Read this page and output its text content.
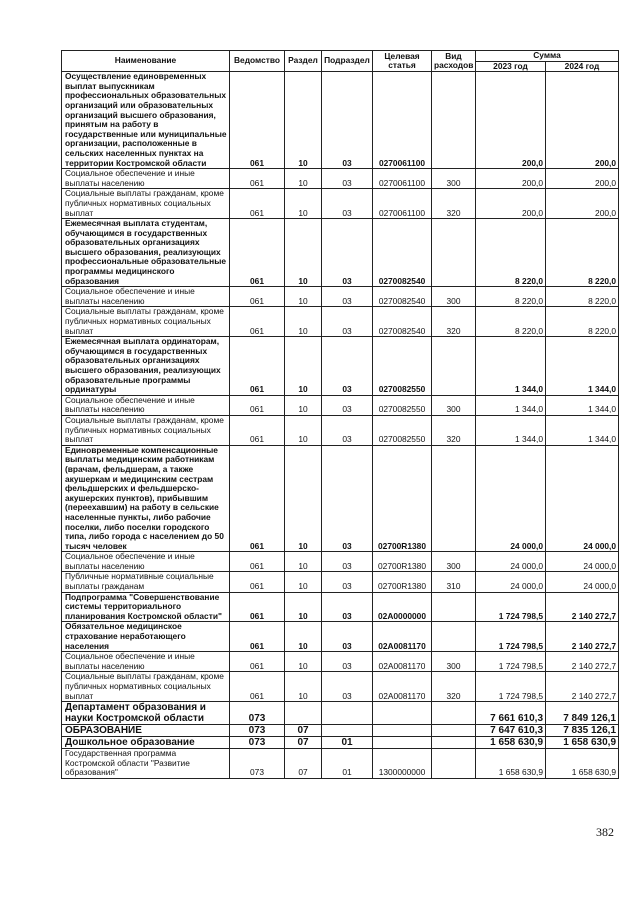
Наименование	Ведомство	Раздел	Подраздел	Целевая статья	Вид расходов	Сумма	
						2023 год	2024 год
Осуществление единовременных выплат выпускникам профессиональных образовательных организаций или образовательных организаций высшего образования, принятым на работу в государственные или муниципальные организации, расположенные в сельских населенных пунктах на территории Костромской области	061	10	03	0270061100		200,0	200,0
Социальное обеспечение и иные выплаты населению	061	10	03	0270061100	300	200,0	200,0
Социальные выплаты гражданам, кроме публичных нормативных социальных выплат	061	10	03	0270061100	320	200,0	200,0
Ежемесячная выплата студентам, обучающимся в государственных образовательных организациях высшего образования, реализующих профессиональные образовательные программы медицинского образования	061	10	03	0270082540		8 220,0	8 220,0
Социальное обеспечение и иные выплаты населению	061	10	03	0270082540	300	8 220,0	8 220,0
Социальные выплаты гражданам, кроме публичных нормативных социальных выплат	061	10	03	0270082540	320	8 220,0	8 220,0
Ежемесячная выплата ординаторам, обучающимся в государственных образовательных организациях высшего образования, реализующих образовательные программы ординатуры	061	10	03	0270082550		1 344,0	1 344,0
Социальное обеспечение и иные выплаты населению	061	10	03	0270082550	300	1 344,0	1 344,0
Социальные выплаты гражданам, кроме публичных нормативных социальных выплат	061	10	03	0270082550	320	1 344,0	1 344,0
Единовременные компенсационные выплаты медицинским работникам (врачам, фельдшерам, а также акушеркам и медицинским сестрам фельдшерских и фельдшерско-акушерских пунктов), прибывшим (переехавшим) на работу в сельские населенные пункты, либо рабочие поселки, либо поселки городского типа, либо города с населением до 50 тысяч человек	061	10	03	02700R1380		24 000,0	24 000,0
Социальное обеспечение и иные выплаты населению	061	10	03	02700R1380	300	24 000,0	24 000,0
Публичные нормативные социальные выплаты гражданам	061	10	03	02700R1380	310	24 000,0	24 000,0
Подпрограмма "Совершенствование системы территориального планирования Костромской области"	061	10	03	02А0000000		1 724 798,5	2 140 272,7
Обязательное медицинское страхование неработающего населения	061	10	03	02А0081170		1 724 798,5	2 140 272,7
Социальное обеспечение и иные выплаты населению	061	10	03	02А0081170	300	1 724 798,5	2 140 272,7
Социальные выплаты гражданам, кроме публичных нормативных социальных выплат	061	10	03	02А0081170	320	1 724 798,5	2 140 272,7
Департамент образования и науки Костромской области	073					7 661 610,3	7 849 126,1
ОБРАЗОВАНИЕ	073	07				7 647 610,3	7 835 126,1
Дошкольное образование	073	07	01			1 658 630,9	1 658 630,9
Государственная программа Костромской области "Развитие образования"	073	07	01	1300000000		1 658 630,9	1 658 630,9
382
